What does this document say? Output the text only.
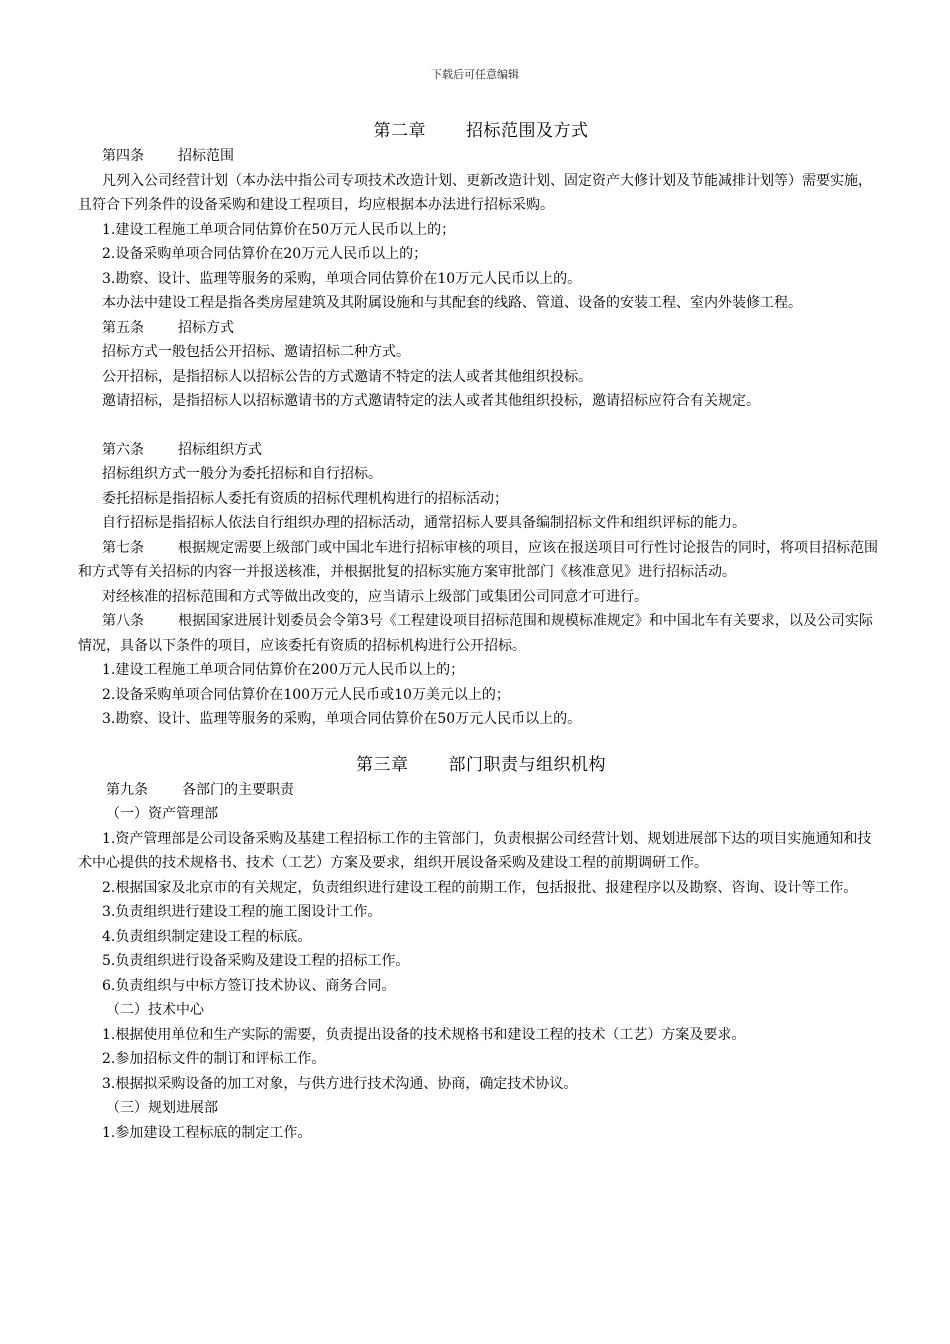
下载后可任意编辑
第二章 招标范围及方式

第四条 招标范围

凡列入公司经营计划（本办法中指公司专项技术改造计划、更新改造计划、固定资产大修计划及节能减排计划等）需要实施，且符合下列条件的设备采购和建设工程项目，均应根据本办法进行招标采购。

1.建设工程施工单项合同估算价在50万元人民币以上的；

2.设备采购单项合同估算价在20万元人民币以上的；

3.勘察、设计、监理等服务的采购，单项合同估算价在10万元人民币以上的。

本办法中建设工程是指各类房屋建筑及其附属设施和与其配套的线路、管道、设备的安装工程、室内外装修工程。

第五条 招标方式

招标方式一般包括公开招标、邀请招标二种方式。

公开招标，是指招标人以招标公告的方式邀请不特定的法人或者其他组织投标。

邀请招标，是指招标人以招标邀请书的方式邀请特定的法人或者其他组织投标，邀请招标应符合有关规定。

第六条 招标组织方式

招标组织方式一般分为委托招标和自行招标。

委托招标是指招标人委托有资质的招标代理机构进行的招标活动；

自行招标是指招标人依法自行组织办理的招标活动，通常招标人要具备编制招标文件和组织评标的能力。

第七条 根据规定需要上级部门或中国北车进行招标审核的项目，应该在报送项目可行性讨论报告的同时，将项目招标范围和方式等有关招标的内容一并报送核准，并根据批复的招标实施方案审批部门《核准意见》进行招标活动。

对经核准的招标范围和方式等做出改变的，应当请示上级部门或集团公司同意才可进行。

第八条 根据国家进展计划委员会令第3号《工程建设项目招标范围和规模标准规定》和中国北车有关要求，以及公司实际情况，具备以下条件的项目，应该委托有资质的招标机构进行公开招标。

1.建设工程施工单项合同估算价在200万元人民币以上的；

2.设备采购单项合同估算价在100万元人民币或10万美元以上的；

3.勘察、设计、监理等服务的采购，单项合同估算价在50万元人民币以上的。

第三章 部门职责与组织机构

第九条 各部门的主要职责

（一）资产管理部

1.资产管理部是公司设备采购及基建工程招标工作的主管部门，负责根据公司经营计划、规划进展部下达的项目实施通知和技术中心提供的技术规格书、技术（工艺）方案及要求，组织开展设备采购及建设工程的前期调研工作。

2.根据国家及北京市的有关规定，负责组织进行建设工程的前期工作，包括报批、报建程序以及勘察、咨询、设计等工作。

3.负责组织进行建设工程的施工图设计工作。

4.负责组织制定建设工程的标底。

5.负责组织进行设备采购及建设工程的招标工作。

6.负责组织与中标方签订技术协议、商务合同。

（二）技术中心

1.根据使用单位和生产实际的需要，负责提出设备的技术规格书和建设工程的技术（工艺）方案及要求。

2.参加招标文件的制订和评标工作。

3.根据拟采购设备的加工对象，与供方进行技术沟通、协商，确定技术协议。

（三）规划进展部

1.参加建设工程标底的制定工作。
